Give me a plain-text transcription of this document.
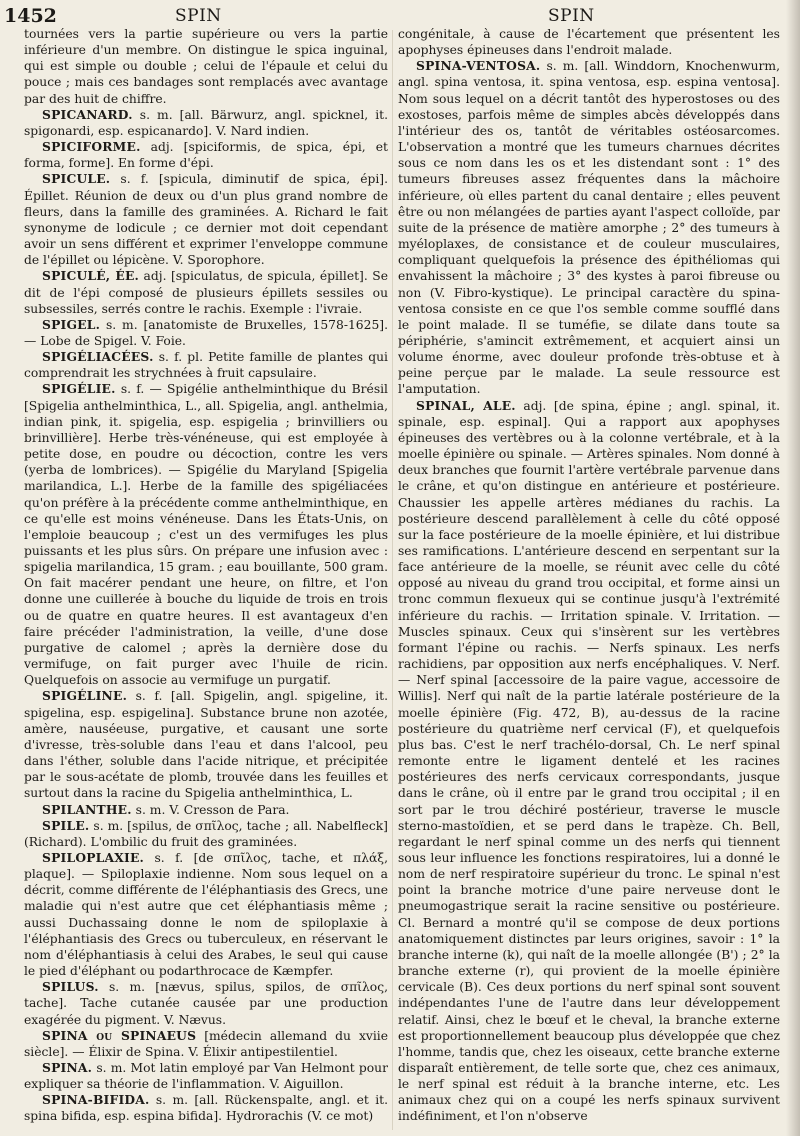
1452	SPIN	SPIN

tournées vers la partie supérieure ou vers la partie inférieure d'un membre. On distingue le spica inguinal, qui est simple ou double ; celui de l'épaule et celui du pouce ; mais ces bandages sont remplacés avec avantage par des huit de chiffre.

SPICANARD. s. m. [all. Bärwurz, angl. spicknel, it. spigonardi, esp. espicanardo]. V. Nard indien.

SPICIFORME. adj. [spiciformis, de spica, épi, et forma, forme]. En forme d'épi.

SPICULE. s. f. [spicula, diminutif de spica, épi]. Épillet. Réunion de deux ou d'un plus grand nombre de fleurs, dans la famille des graminées. A. Richard le fait synonyme de lodicule ; ce dernier mot doit cependant avoir un sens différent et exprimer l'enveloppe commune de l'épillet ou lépicène. V. Sporophore.

SPICULÉ, ÉE. adj. [spiculatus, de spicula, épillet]. Se dit de l'épi composé de plusieurs épillets sessiles ou subsessiles, serrés contre le rachis. Exemple : l'ivraie.

SPIGEL. s. m. [anatomiste de Bruxelles, 1578-1625]. — Lobe de Spigel. V. Foie.

SPIGÉLIACÉES. s. f. pl. Petite famille de plantes qui comprendrait les strychnées à fruit capsulaire.

SPIGÉLIE. s. f. — Spigélie anthelminthique du Brésil [Spigelia anthelminthica, L., all. Spigelia, angl. anthelmia, indian pink, it. spigelia, esp. espigelia ; brinvilliers ou brinvillière]. Herbe très-vénéneuse, qui est employée à petite dose, en poudre ou décoction, contre les vers (yerba de lombrices). — Spigélie du Maryland [Spigelia marilandica, L.]. Herbe de la famille des spigéliacées qu'on préfère à la précédente comme anthelminthique, en ce qu'elle est moins vénéneuse. Dans les États-Unis, on l'emploie beaucoup ; c'est un des vermifuges les plus puissants et les plus sûrs. On prépare une infusion avec : spigelia marilandica, 15 gram. ; eau bouillante, 500 gram. On fait macérer pendant une heure, on filtre, et l'on donne une cuillerée à bouche du liquide de trois en trois ou de quatre en quatre heures. Il est avantageux d'en faire précéder l'administration, la veille, d'une dose purgative de calomel ; après la dernière dose du vermifuge, on fait purger avec l'huile de ricin. Quelquefois on associe au vermifuge un purgatif.

SPIGÉLINE. s. f. [all. Spigelin, angl. spigeline, it. spigelina, esp. espigelina]. Substance brune non azotée, amère, nauséeuse, purgative, et causant une sorte d'ivresse, très-soluble dans l'eau et dans l'alcool, peu dans l'éther, soluble dans l'acide nitrique, et précipitée par le sous-acétate de plomb, trouvée dans les feuilles et surtout dans la racine du Spigelia anthelminthica, L.

SPILANTHE. s. m. V. Cresson de Para.

SPILE. s. m. [spilus, de σπῖλος, tache ; all. Nabelfleck] (Richard). L'ombilic du fruit des graminées.

SPILOPLAXIE. s. f. [de σπῖλος, tache, et πλάξ, plaque]. — Spiloplaxie indienne. Nom sous lequel on a décrit, comme différente de l'éléphantiasis des Grecs, une maladie qui n'est autre que cet éléphantiasis même ; aussi Duchassaing donne le nom de spiloplaxie à l'éléphantiasis des Grecs ou tuberculeux, en réservant le nom d'éléphantiasis à celui des Arabes, le seul qui cause le pied d'éléphant ou podarthrocace de Kæmpfer.

SPILUS. s. m. [nævus, spilus, spilos, de σπῖλος, tache]. Tache cutanée causée par une production exagérée du pigment. V. Nævus.

SPINA ou SPINAEUS [médecin allemand du xviie siècle]. — Élixir de Spina. V. Élixir antipestilentiel.

SPINA. s. m. Mot latin employé par Van Helmont pour expliquer sa théorie de l'inflammation. V. Aiguillon.

SPINA-BIFIDA. s. m. [all. Rückenspalte, angl. et it. spina bifida, esp. espina bifida]. Hydrorachis (V. ce mot)

congénitale, à cause de l'écartement que présentent les apophyses épineuses dans l'endroit malade.

SPINA-VENTOSA. s. m. [all. Winddorn, Knochenwurm, angl. spina ventosa, it. spina ventosa, esp. espina ventosa]. Nom sous lequel on a décrit tantôt des hyperostoses ou des exostoses, parfois même de simples abcès développés dans l'intérieur des os, tantôt de véritables ostéosarcomes. L'observation a montré que les tumeurs charnues décrites sous ce nom dans les os et les distendant sont : 1° des tumeurs fibreuses assez fréquentes dans la mâchoire inférieure, où elles partent du canal dentaire ; elles peuvent être ou non mélangées de parties ayant l'aspect colloïde, par suite de la présence de matière amorphe ; 2° des tumeurs à myéloplaxes, de consistance et de couleur musculaires, compliquant quelquefois la présence des épithéliomas qui envahissent la mâchoire ; 3° des kystes à paroi fibreuse ou non (V. Fibro-kystique). Le principal caractère du spina-ventosa consiste en ce que l'os semble comme soufflé dans le point malade. Il se tuméfie, se dilate dans toute sa périphérie, s'amincit extrêmement, et acquiert ainsi un volume énorme, avec douleur profonde très-obtuse et à peine perçue par le malade. La seule ressource est l'amputation.

SPINAL, ALE. adj. [de spina, épine ; angl. spinal, it. spinale, esp. espinal]. Qui a rapport aux apophyses épineuses des vertèbres ou à la colonne vertébrale, et à la moelle épinière ou spinale. — Artères spinales. Nom donné à deux branches que fournit l'artère vertébrale parvenue dans le crâne, et qu'on distingue en antérieure et postérieure. Chaussier les appelle artères médianes du rachis. La postérieure descend parallèlement à celle du côté opposé sur la face postérieure de la moelle épinière, et lui distribue ses ramifications. L'antérieure descend en serpentant sur la face antérieure de la moelle, se réunit avec celle du côté opposé au niveau du grand trou occipital, et forme ainsi un tronc commun flexueux qui se continue jusqu'à l'extrémité inférieure du rachis. — Irritation spinale. V. Irritation. — Muscles spinaux. Ceux qui s'insèrent sur les vertèbres formant l'épine ou rachis. — Nerfs spinaux. Les nerfs rachidiens, par opposition aux nerfs encéphaliques. V. Nerf. — Nerf spinal [accessoire de la paire vague, accessoire de Willis]. Nerf qui naît de la partie latérale postérieure de la moelle épinière (Fig. 472, B), au-dessus de la racine postérieure du quatrième nerf cervical (F), et quelquefois plus bas. C'est le nerf trachélo-dorsal, Ch. Le nerf spinal remonte entre le ligament dentelé et les racines postérieures des nerfs cervicaux correspondants, jusque dans le crâne, où il entre par le grand trou occipital ; il en sort par le trou déchiré postérieur, traverse le muscle sterno-mastoïdien, et se perd dans le trapèze. Ch. Bell, regardant le nerf spinal comme un des nerfs qui tiennent sous leur influence les fonctions respiratoires, lui a donné le nom de nerf respiratoire supérieur du tronc. Le spinal n'est point la branche motrice d'une paire nerveuse dont le pneumogastrique serait la racine sensitive ou postérieure. Cl. Bernard a montré qu'il se compose de deux portions anatomiquement distinctes par leurs origines, savoir : 1° la branche interne (k), qui naît de la moelle allongée (B') ; 2° la branche externe (r), qui provient de la moelle épinière cervicale (B). Ces deux portions du nerf spinal sont souvent indépendantes l'une de l'autre dans leur développement relatif. Ainsi, chez le bœuf et le cheval, la branche externe est proportionnellement beaucoup plus développée que chez l'homme, tandis que, chez les oiseaux, cette branche externe disparaît entièrement, de telle sorte que, chez ces animaux, le nerf spinal est réduit à la branche interne, etc. Les animaux chez qui on a coupé les nerfs spinaux survivent indéfiniment, et l'on n'observe
